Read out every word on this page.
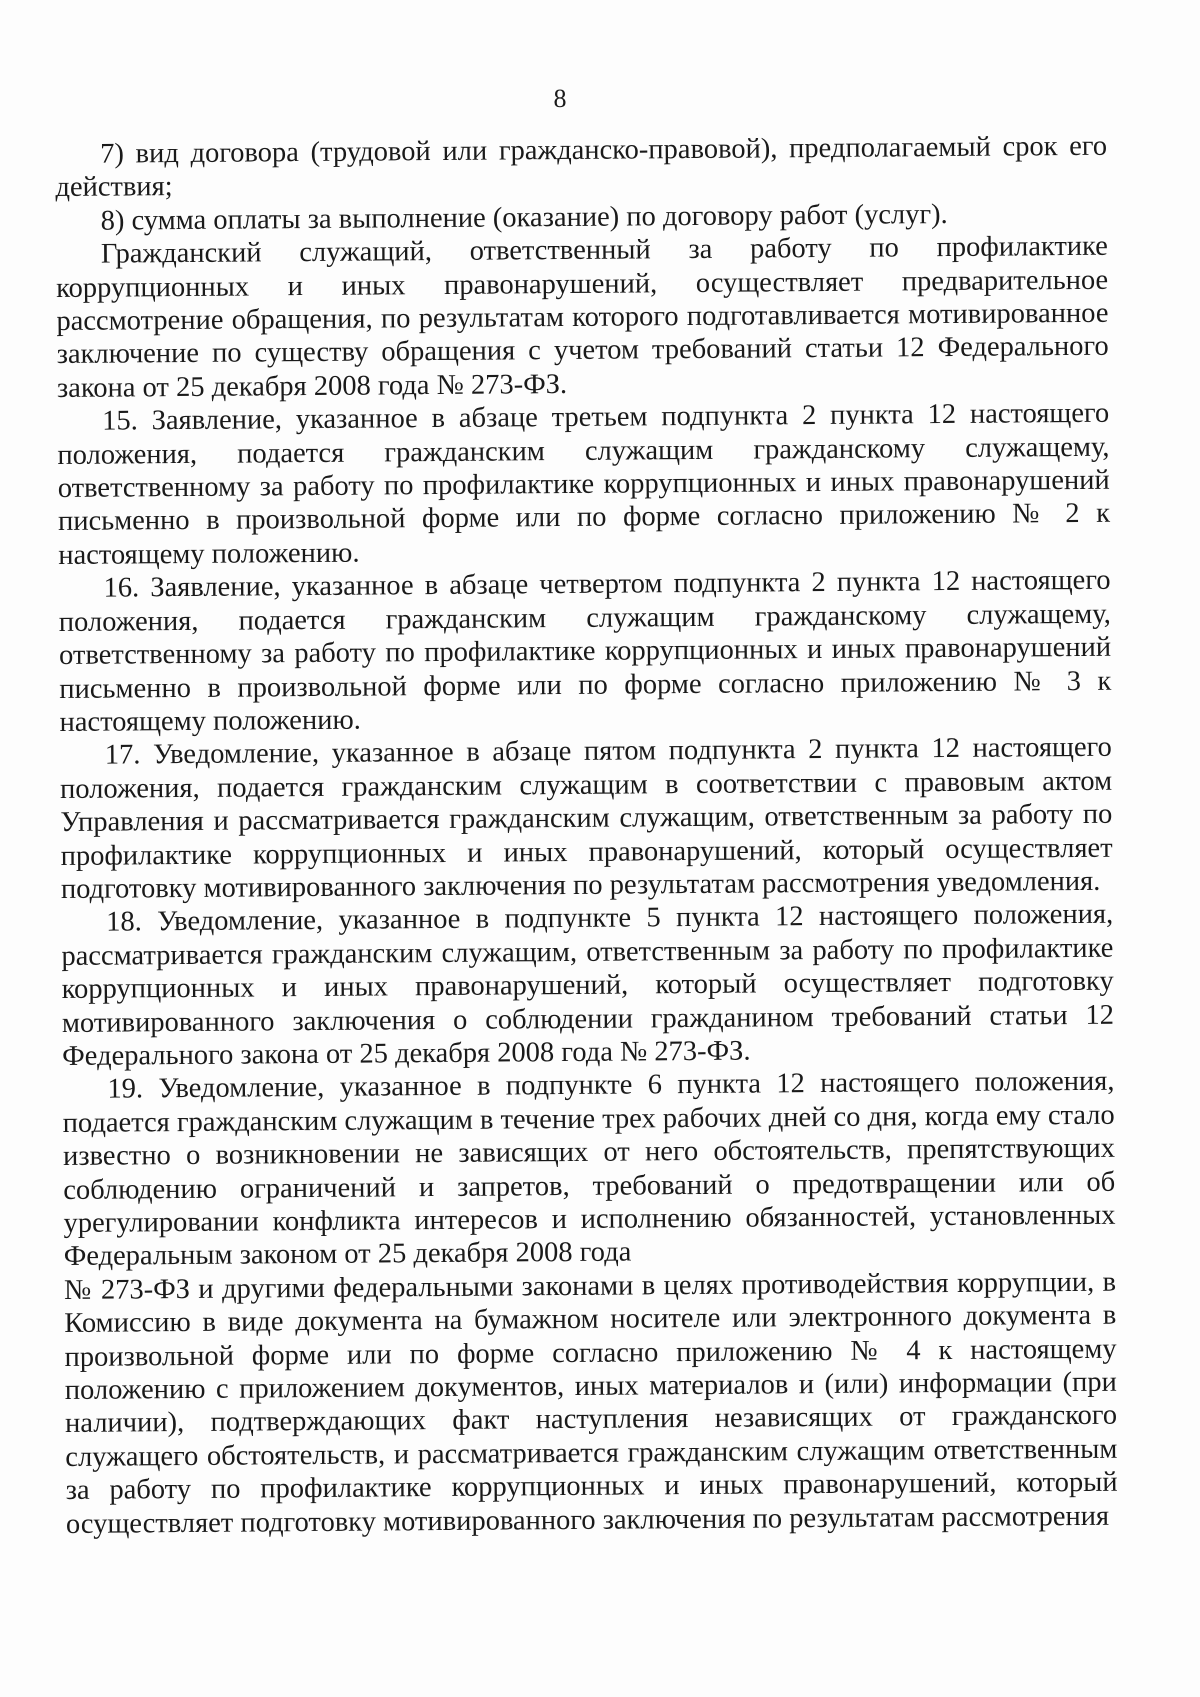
8

7) вид договора (трудовой или гражданско-правовой), предполагаемый срок его действия;

8) сумма оплаты за выполнение (оказание) по договору работ (услуг).

Гражданский служащий, ответственный за работу по профилактике коррупционных и иных правонарушений, осуществляет предварительное рассмотрение обращения, по результатам которого подготавливается мотивированное заключение по существу обращения с учетом требований статьи 12 Федерального закона от 25 декабря 2008 года № 273-ФЗ.

15. Заявление, указанное в абзаце третьем подпункта 2 пункта 12 настоящего положения, подается гражданским служащим гражданскому служащему, ответственному за работу по профилактике коррупционных и иных правонарушений письменно в произвольной форме или по форме согласно приложению № 2 к настоящему положению.

16. Заявление, указанное в абзаце четвертом подпункта 2 пункта 12 настоящего положения, подается гражданским служащим гражданскому служащему, ответственному за работу по профилактике коррупционных и иных правонарушений письменно в произвольной форме или по форме согласно приложению № 3 к настоящему положению.

17. Уведомление, указанное в абзаце пятом подпункта 2 пункта 12 настоящего положения, подается гражданским служащим в соответствии с правовым актом Управления и рассматривается гражданским служащим, ответственным за работу по профилактике коррупционных и иных правонарушений, который осуществляет подготовку мотивированного заключения по результатам рассмотрения уведомления.

18. Уведомление, указанное в подпункте 5 пункта 12 настоящего положения, рассматривается гражданским служащим, ответственным за работу по профилактике коррупционных и иных правонарушений, который осуществляет подготовку мотивированного заключения о соблюдении гражданином требований статьи 12 Федерального закона от 25 декабря 2008 года № 273-ФЗ.

19. Уведомление, указанное в подпункте 6 пункта 12 настоящего положения, подается гражданским служащим в течение трех рабочих дней со дня, когда ему стало известно о возникновении не зависящих от него обстоятельств, препятствующих соблюдению ограничений и запретов, требований о предотвращении или об урегулировании конфликта интересов и исполнению обязанностей, установленных Федеральным законом от 25 декабря 2008 года

№ 273-ФЗ и другими федеральными законами в целях противодействия коррупции, в Комиссию в виде документа на бумажном носителе или электронного документа в произвольной форме или по форме согласно приложению № 4 к настоящему положению с приложением документов, иных материалов и (или) информации (при наличии), подтверждающих факт наступления независящих от гражданского служащего обстоятельств, и рассматривается гражданским служащим ответственным за работу по профилактике коррупционных и иных правонарушений, который осуществляет подготовку мотивированного заключения по результатам рассмотрения
